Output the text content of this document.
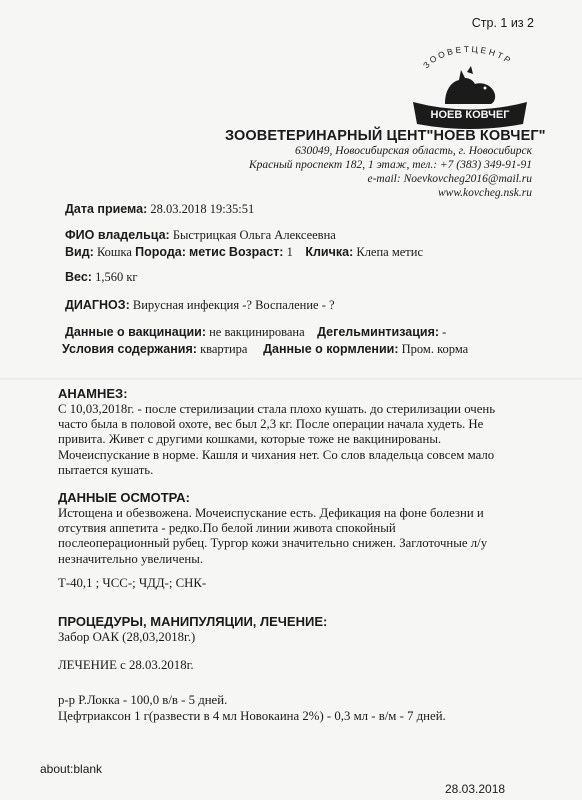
Стр. 1 из 2
ЗООВЕТЦЕНТР
НОЕВ КОВЧЕГ
ЗООВЕТЕРИНАРНЫЙ ЦЕНТ"НОЕВ КОВЧЕГ"
630049, Новосибирская область, г. Новосибирск
Красный проспект 182, 1 этаж, тел.: +7 (383) 349-91-91
e-mail: Noevkovcheg2016@mail.ru
www.kovcheg.nsk.ru
Дата приема: 28.03.2018 19:35:51
ФИО владельца: Быстрицкая Ольга Алексеевна
Вид: Кошка Порода: метис Возраст: 1 Кличка: Клепа метис
Вес: 1,560 кг
ДИАГНОЗ: Вирусная инфекция -? Воспаление - ?
Данные о вакцинации: не вакцинирована Дегельминтизация: -
Условия содержания: квартира Данные о кормлении: Пром. корма
АНАМНЕЗ:
С 10,03,2018г. - после стерилизации стала плохо кушать. до стерилизации очень
часто была в половой охоте, вес был 2,3 кг. После операции начала худеть. Не
привита. Живет с другими кошками, которые тоже не вакцинированы.
Мочеиспускание в норме. Кашля и чихания нет. Со слов владельца совсем мало
пытается кушать.
ДАННЫЕ ОСМОТРА:
Истощена и обезвожена. Мочеиспускание есть. Дефикация на фоне болезни и
отсутвия аппетита - редко.По белой линии живота спокойный
послеоперационный рубец. Тургор кожи значительно снижен. Заглоточные л/у
незначительно увеличены.
Т-40,1 ; ЧСС-; ЧДД-; СНК-
ПРОЦЕДУРЫ, МАНИПУЛЯЦИИ, ЛЕЧЕНИЕ:
Забор ОАК (28,03,2018г.)
ЛЕЧЕНИЕ с 28.03.2018г.
р-р Р.Локка - 100,0 в/в - 5 дней.
Цефтриаксон 1 г(развести в 4 мл Новокаина 2%) - 0,3 мл - в/м - 7 дней.
about:blank
28.03.2018
